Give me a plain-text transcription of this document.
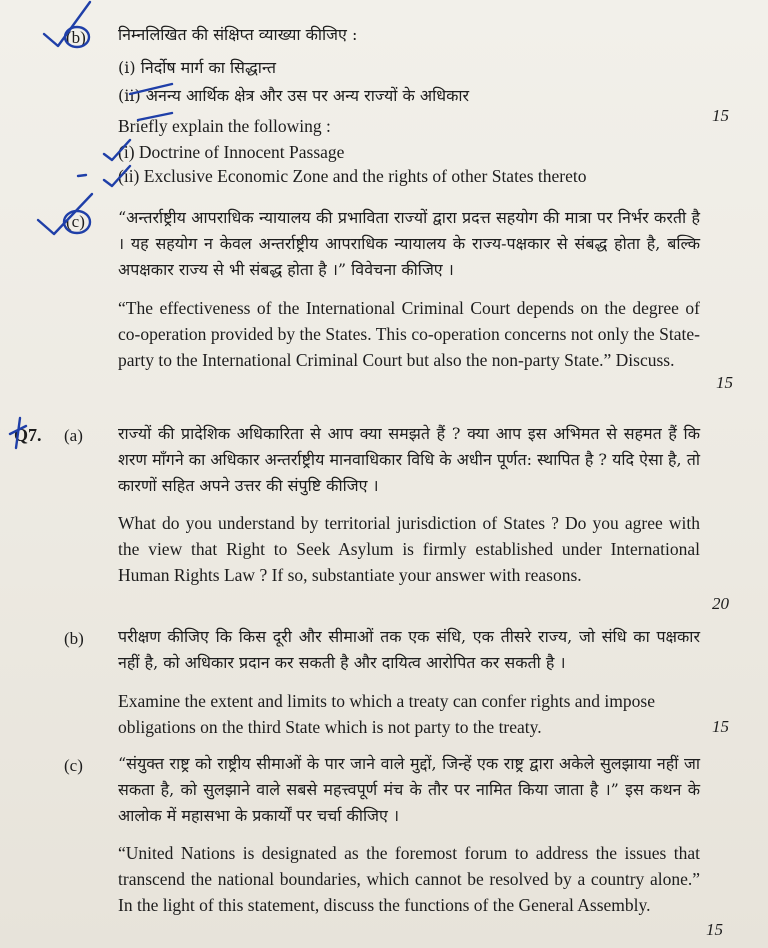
(b) निम्नलिखित की संक्षिप्त व्याख्या कीजिए :
(i) निर्दोष मार्ग का सिद्धान्त
(ii) अनन्य आर्थिक क्षेत्र और उस पर अन्य राज्यों के अधिकार
Briefly explain the following :
(i) Doctrine of Innocent Passage
(ii) Exclusive Economic Zone and the rights of other States thereto
15
(c) “अन्तर्राष्ट्रीय आपराधिक न्यायालय की प्रभाविता राज्यों द्वारा प्रदत्त सहयोग की मात्रा पर निर्भर करती है । यह सहयोग न केवल अन्तर्राष्ट्रीय आपराधिक न्यायालय के राज्य-पक्षकार से संबद्ध होता है, बल्कि अपक्षकार राज्य से भी संबद्ध होता है ।” विवेचना कीजिए ।
“The effectiveness of the International Criminal Court depends on the degree of co-operation provided by the States. This co-operation concerns not only the State-party to the International Criminal Court but also the non-party State.” Discuss.
15
Q7. (a) राज्यों की प्रादेशिक अधिकारिता से आप क्या समझते हैं ? क्या आप इस अभिमत से सहमत हैं कि शरण माँगने का अधिकार अन्तर्राष्ट्रीय मानवाधिकार विधि के अधीन पूर्णत: स्थापित है ? यदि ऐसा है, तो कारणों सहित अपने उत्तर की संपुष्टि कीजिए ।
What do you understand by territorial jurisdiction of States ? Do you agree with the view that Right to Seek Asylum is firmly established under International Human Rights Law ? If so, substantiate your answer with reasons.
20
(b) परीक्षण कीजिए कि किस दूरी और सीमाओं तक एक संधि, एक तीसरे राज्य, जो संधि का पक्षकार नहीं है, को अधिकार प्रदान कर सकती है और दायित्व आरोपित कर सकती है ।
Examine the extent and limits to which a treaty can confer rights and impose obligations on the third State which is not party to the treaty.	15
(c) “संयुक्त राष्ट्र को राष्ट्रीय सीमाओं के पार जाने वाले मुद्दों, जिन्हें एक राष्ट्र द्वारा अकेले सुलझाया नहीं जा सकता है, को सुलझाने वाले सबसे महत्त्वपूर्ण मंच के तौर पर नामित किया जाता है ।” इस कथन के आलोक में महासभा के प्रकार्यों पर चर्चा कीजिए ।
“United Nations is designated as the foremost forum to address the issues that transcend the national boundaries, which cannot be resolved by a country alone.” In the light of this statement, discuss the functions of the General Assembly.
15
